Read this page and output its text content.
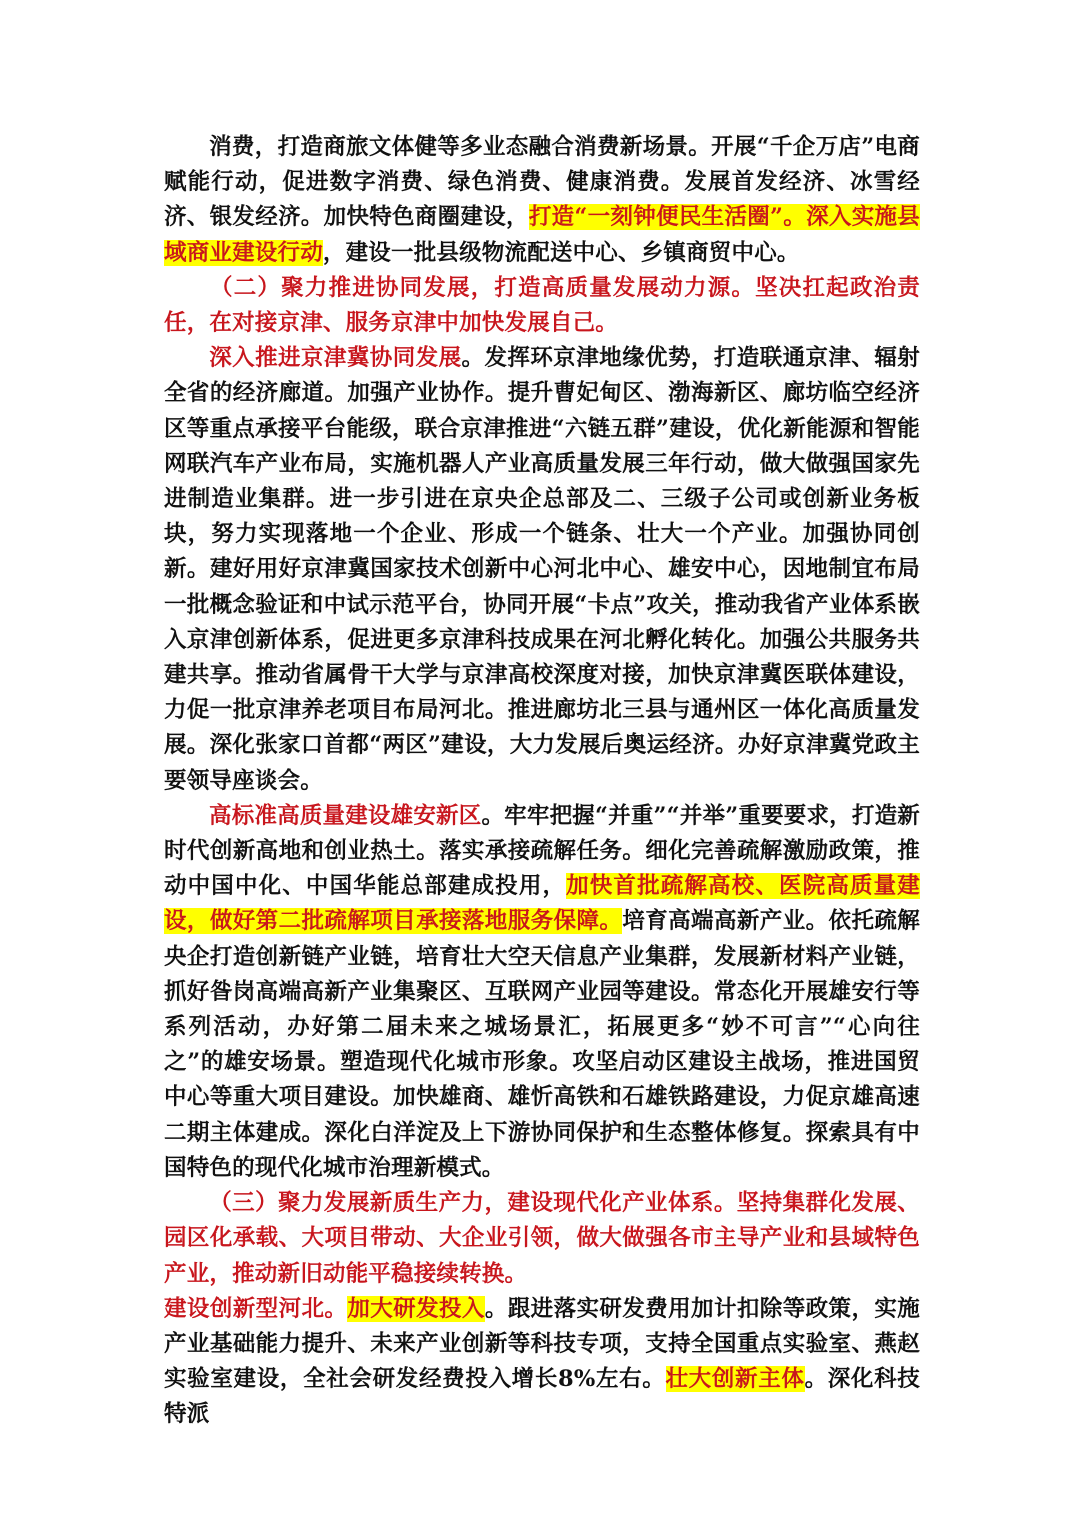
消费，打造商旅文体健等多业态融合消费新场景。开展“千企万店”电商赋能行动，促进数字消费、绿色消费、健康消费。发展首发经济、冰雪经济、银发经济。加快特色商圈建设，打造“一刻钟便民生活圈”。深入实施县域商业建设行动，建设一批县级物流配送中心、乡镇商贸中心。

（二）聚力推进协同发展，打造高质量发展动力源。坚决扛起政治责任，在对接京津、服务京津中加快发展自己。

深入推进京津冀协同发展。发挥环京津地缘优势，打造联通京津、辐射全省的经济廊道。加强产业协作。提升曹妃甸区、渤海新区、廊坊临空经济区等重点承接平台能级，联合京津推进“六链五群”建设，优化新能源和智能网联汽车产业布局，实施机器人产业高质量发展三年行动，做大做强国家先进制造业集群。进一步引进在京央企总部及二、三级子公司或创新业务板块，努力实现落地一个企业、形成一个链条、壮大一个产业。加强协同创新。建好用好京津冀国家技术创新中心河北中心、雄安中心，因地制宜布局一批概念验证和中试示范平台，协同开展“卡点”攻关，推动我省产业体系嵌入京津创新体系，促进更多京津科技成果在河北孵化转化。加强公共服务共建共享。推动省属骨干大学与京津高校深度对接，加快京津冀医联体建设，力促一批京津养老项目布局河北。推进廊坊北三县与通州区一体化高质量发展。深化张家口首都“两区”建设，大力发展后奥运经济。办好京津冀党政主要领导座谈会。

高标准高质量建设雄安新区。牢牢把握“并重”“并举”重要要求，打造新时代创新高地和创业热土。落实承接疏解任务。细化完善疏解激励政策，推动中国中化、中国华能总部建成投用，加快首批疏解高校、医院高质量建设，做好第二批疏解项目承接落地服务保障。培育高端高新产业。依托疏解央企打造创新链产业链，培育壮大空天信息产业集群，发展新材料产业链，抓好昝岗高端高新产业集聚区、互联网产业园等建设。常态化开展雄安行等系列活动，办好第二届未来之城场景汇，拓展更多“妙不可言”“心向往之”的雄安场景。塑造现代化城市形象。攻坚启动区建设主战场，推进国贸中心等重大项目建设。加快雄商、雄忻高铁和石雄铁路建设，力促京雄高速二期主体建成。深化白洋淀及上下游协同保护和生态整体修复。探索具有中国特色的现代化城市治理新模式。

（三）聚力发展新质生产力，建设现代化产业体系。坚持集群化发展、园区化承载、大项目带动、大企业引领，做大做强各市主导产业和县域特色产业，推动新旧动能平稳接续转换。

建设创新型河北。加大研发投入。跟进落实研发费用加计扣除等政策，实施产业基础能力提升、未来产业创新等科技专项，支持全国重点实验室、燕赵实验室建设，全社会研发经费投入增长8%左右。壮大创新主体。深化科技特派
